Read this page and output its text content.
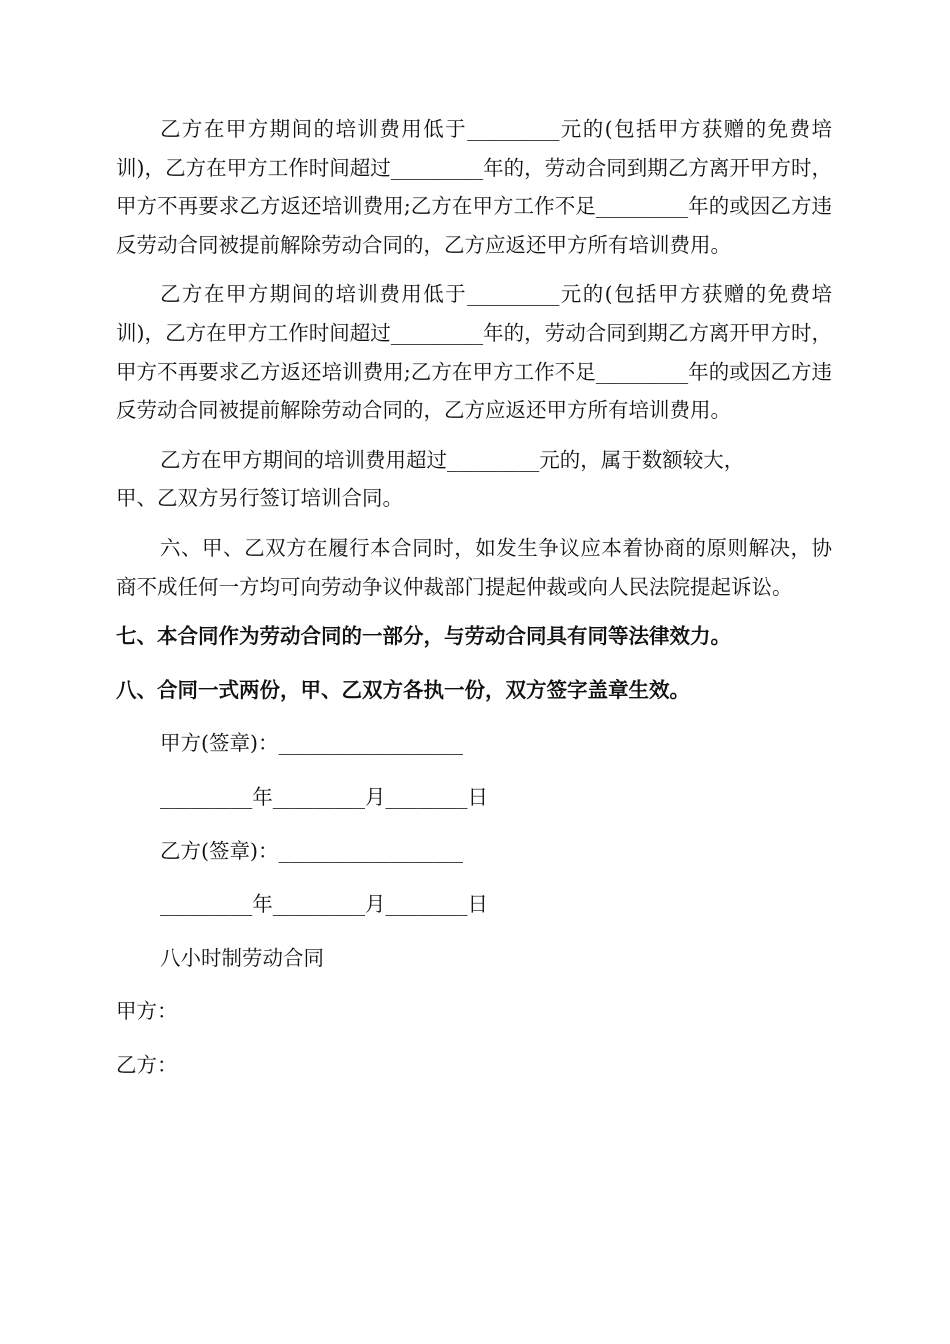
乙方在甲方期间的培训费用低于_________元的(包括甲方获赠的免费培训)，乙方在甲方工作时间超过_________年的，劳动合同到期乙方离开甲方时，甲方不再要求乙方返还培训费用;乙方在甲方工作不足_________年的或因乙方违反劳动合同被提前解除劳动合同的，乙方应返还甲方所有培训费用。

乙方在甲方期间的培训费用低于_________元的(包括甲方获赠的免费培训)，乙方在甲方工作时间超过_________年的，劳动合同到期乙方离开甲方时，甲方不再要求乙方返还培训费用;乙方在甲方工作不足_________年的或因乙方违反劳动合同被提前解除劳动合同的，乙方应返还甲方所有培训费用。

乙方在甲方期间的培训费用超过_________元的，属于数额较大，

甲、乙双方另行签订培训合同。

六、甲、乙双方在履行本合同时，如发生争议应本着协商的原则解决，协商不成任何一方均可向劳动争议仲裁部门提起仲裁或向人民法院提起诉讼。

七、本合同作为劳动合同的一部分，与劳动合同具有同等法律效力。

八、合同一式两份，甲、乙双方各执一份，双方签字盖章生效。

甲方(签章)：__________________

_________年_________月________日

乙方(签章)：__________________

_________年_________月________日

八小时制劳动合同

甲方：

乙方：
